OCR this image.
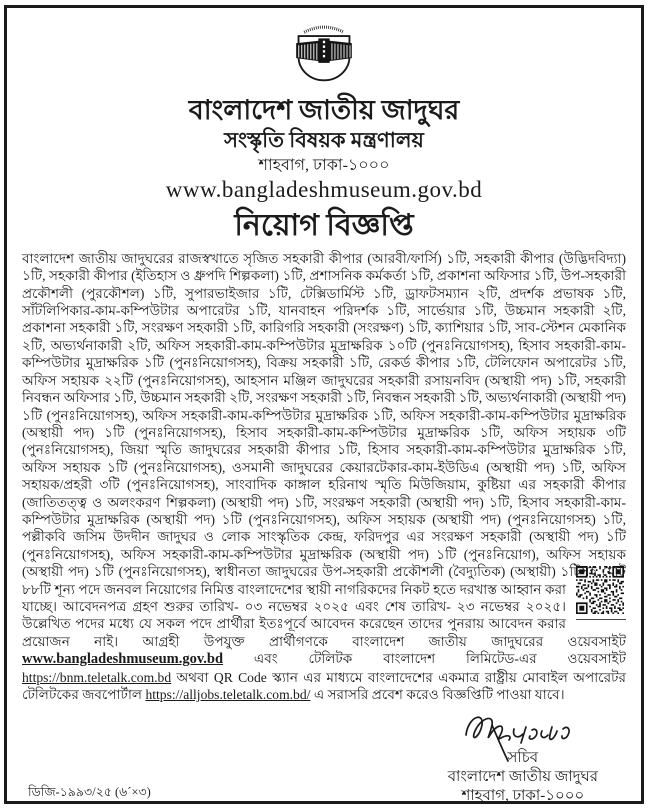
বাংলাদেশ জাতীয় জাদুঘর
সংস্কৃতি বিষয়ক মন্ত্রণালয়
শাহবাগ, ঢাকা-১০০০
www.bangladeshmuseum.gov.bd
নিয়োগ বিজ্ঞপ্তি

বাংলাদেশ জাতীয় জাদুঘরের রাজস্বখাতে সৃজিত সহকারী কীপার (আরবী/ফার্সি) ১টি, সহকারী কীপার (উদ্ভিদবিদ্যা) ১টি, সহকারী কীপার (ইতিহাস ও ধ্রুপদি শিল্পকলা) ১টি, প্রশাসনিক কর্মকর্তা ১টি, প্রকাশনা অফিসার ১টি, উপ-সহকারী প্রকৌশলী (পুরকৌশল) ১টি, সুপারভাইজার ১টি, টেক্সিডার্মিস্ট ১টি, ড্রাফটসম্যান ২টি, প্রদর্শক প্রভাষক ১টি, সাঁটলিপিকার-কাম-কম্পিউটার অপারেটর ১টি, যানবাহন পরিদর্শক ১টি, সার্ভেয়ার ১টি, উচ্চমান সহকারী ২টি, প্রকাশনা সহকারী ১টি, সংরক্ষণ সহকারী ১টি, কারিগরি সহকারী (সংরক্ষণ) ১টি, ক্যাশিয়ার ১টি, সাব-স্টেশন মেকানিক ২টি, অভ্যর্থনাকারী ২টি, অফিস সহকারী-কাম-কম্পিউটার মুদ্রাক্ষরিক ১০টি (পুনঃনিয়োগসহ), হিসাব সহকারী-কাম-কম্পিউটার মুদ্রাক্ষরিক ১টি (পুনঃনিয়োগসহ), বিক্রয় সহকারী ১টি, রেকর্ড কীপার ১টি, টেলিফোন অপারেটর ১টি, অফিস সহায়ক ২২টি (পুনঃনিয়োগসহ), আহসান মঞ্জিল জাদুঘরের সহকারী রসায়নবিদ (অস্থায়ী পদ) ১টি, সহকারী নিবন্ধন অফিসার ১টি, উচ্চমান সহকারী ২টি, সংরক্ষণ সহকারী ১টি, নিবন্ধন সহকারী ১টি, অভ্যর্থনাকারী (অস্থায়ী পদ) ১টি (পুনঃনিয়োগসহ), অফিস সহকারী-কাম-কম্পিউটার মুদ্রাক্ষরিক ১টি, অফিস সহকারী-কাম-কম্পিউটার মুদ্রাক্ষরিক (অস্থায়ী পদ) ১টি (পুনঃনিয়োগসহ), হিসাব সহকারী-কাম-কম্পিউটার মুদ্রাক্ষরিক ১টি, অফিস সহায়ক ৩টি (পুনঃনিয়োগসহ), জিয়া স্মৃতি জাদুঘরের সহকারী কীপার ১টি, হিসাব সহকারী-কাম-কম্পিউটার মুদ্রাক্ষরিক ১টি, অফিস সহায়ক ১টি (পুনঃনিয়োগসহ), ওসমানী জাদুঘরের কেয়ারটেকার-কাম-ইউডিএ (অস্থায়ী পদ) ১টি, অফিস সহায়ক/প্রহরী ৩টি (পুনঃনিয়োগসহ), সাংবাদিক কাঙ্গাল হরিনাথ স্মৃতি মিউজিয়াম, কুষ্টিয়া এর সহকারী কীপার (জাতিতত্ত্ব ও অলংকরণ শিল্পকলা) (অস্থায়ী পদ) ১টি, সংরক্ষণ সহকারী (অস্থায়ী পদ) ১টি, হিসাব সহকারী-কাম-কম্পিউটার মুদ্রাক্ষরিক (অস্থায়ী পদ) ১টি (পুনঃনিয়োগসহ), অফিস সহায়ক (অস্থায়ী পদ) (পুনঃনিয়োগসহ) ১টি, পল্লীকবি জসিম উদদীন জাদুঘর ও লোক সাংস্কৃতিক কেন্দ্র, ফরিদপুর এর সংরক্ষণ সহকারী (অস্থায়ী পদ) ১টি (পুনঃনিয়োগসহ), অফিস সহকারী-কাম-কম্পিউটার মুদ্রাক্ষরিক (অস্থায়ী পদ) ১টি (পুনঃনিয়োগ), অফিস সহায়ক (অস্থায়ী পদ) ১টি
(পুনঃনিয়োগসহ), স্বাধীনতা জাদুঘরের উপ-সহকারী প্রকৌশলী (বৈদ্যুতিক) (অস্থায়ী) ১টিসহ মোট ৮৮টি শূন্য পদে জনবল নিয়োগের নিমিত্ত বাংলাদেশের স্থায়ী নাগরিকদের নিকট হতে দরখাস্ত আহ্বান করা যাচ্ছে। আবেদনপত্র গ্রহণ শুরুর তারিখ- ০৩ নভেম্বর ২০২৫ এবং শেষ তারিখ- ২৩ নভেম্বর ২০২৫। উল্লেখিত পদের মধ্যে যে সকল পদে প্রার্থীরা ইতঃপূর্বে আবেদন করেছেন তাদের পুনরায় আবেদন করার প্রয়োজন নাই। আগ্রহী উপযুক্ত প্রার্থীগণকে বাংলাদেশ জাতীয় জাদুঘরের ওয়েবসাইট www.bangladeshmuseum.gov.bd এবং টেলিটক বাংলাদেশ লিমিটেড-এর ওয়েবসাইট https://bnm.teletalk.com.bd অথবা QR Code স্ক্যান এর মাধ্যমে বাংলাদেশের একমাত্র রাষ্ট্রীয় মোবাইল অপারেটর টেলিটকের জবপোর্টাল https://alljobs.teletalk.com.bd/ এ সরাসরি প্রবেশ করেও বিজ্ঞপ্তিটি পাওয়া যাবে।

ডিজি-১৯৯৩/২৫ (৬´×৩)
সচিব
বাংলাদেশ জাতীয় জাদুঘর
শাহবাগ, ঢাকা-১০০০
